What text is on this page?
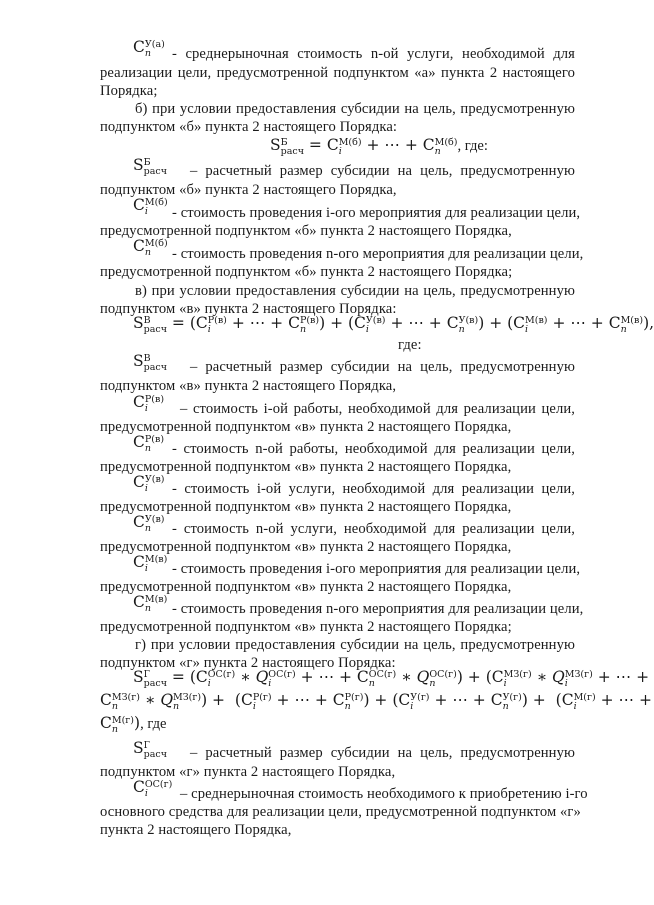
C У(а)
n	- среднерыночная стоимость n-ой услуги, необходимой для
реализации цели, предусмотренной подпунктом «а» пункта 2 настоящего
Порядка;
б) при условии предоставления субсидии на цель, предусмотренную
подпунктом «б» пункта 2 настоящего Порядка:
S Б
расч = C М(б)
i	+ ⋯ + C М(б)
n	, где:
S Б
расч – расчетный размер субсидии на цель, предусмотренную
подпунктом «б» пункта 2 настоящего Порядка,
C М(б)
i	- стоимость проведения i-ого мероприятия для реализации цели,
предусмотренной подпунктом «б» пункта 2 настоящего Порядка,
C М(б)
n	- стоимость проведения n-ого мероприятия для реализации цели,
предусмотренной подпунктом «б» пункта 2 настоящего Порядка;
в) при условии предоставления субсидии на цель, предусмотренную
подпунктом «в» пункта 2 настоящего Порядка:
S В
расч = (C Р(в)
i	+ ⋯ + C Р(в)
n ) + (C У(в)
i	+ ⋯ + C У(в)
n ) + (C М(в)
i	+ ⋯ + C М(в)
n	),
где:
S В
расч – расчетный размер субсидии на цель, предусмотренную
подпунктом «в» пункта 2 настоящего Порядка,
C Р(в)
i	– стоимость i-ой работы, необходимой для реализации цели,
предусмотренной подпунктом «в» пункта 2 настоящего Порядка,
C Р(в)
n	- стоимость n-ой работы, необходимой для реализации цели,
предусмотренной подпунктом «в» пункта 2 настоящего Порядка,
C У(в)
i	- стоимость i-ой услуги, необходимой для реализации цели,
предусмотренной подпунктом «в» пункта 2 настоящего Порядка,
C У(в)
n	- стоимость n-ой услуги, необходимой для реализации цели,
предусмотренной подпунктом «в» пункта 2 настоящего Порядка,
C М(в)
i	- стоимость проведения i-ого мероприятия для реализации цели,
предусмотренной подпунктом «в» пункта 2 настоящего Порядка,
C М(в)
n	- стоимость проведения n-ого мероприятия для реализации цели,
предусмотренной подпунктом «в» пункта 2 настоящего Порядка;
г) при условии предоставления субсидии на цель, предусмотренную
подпунктом «г» пункта 2 настоящего Порядка:
S Г
расч = (C ОС(г)
i	∗ Q ОС(г)
i	+ ⋯ + C ОС(г)
n	∗ Q ОС(г)
n	) + (C МЗ(г)
i	∗ Q МЗ(г)
i	+ ⋯ +
C МЗ(г)
n	∗ Q МЗ(г)
n	) +  (C Р(г)
i	+ ⋯ + C Р(г)
n ) + (C У(г)
i	+ ⋯ + C У(г)
n ) +  (C М(г)
i	+ ⋯ +
C М(г)
n	), где
S Г
расч – расчетный размер субсидии на цель, предусмотренную
подпунктом «г» пункта 2 настоящего Порядка,
C ОС(г)
i	– среднерыночная стоимость необходимого к приобретению i-го
основного средства для реализации цели, предусмотренной подпунктом «г»
пункта 2 настоящего Порядка,
